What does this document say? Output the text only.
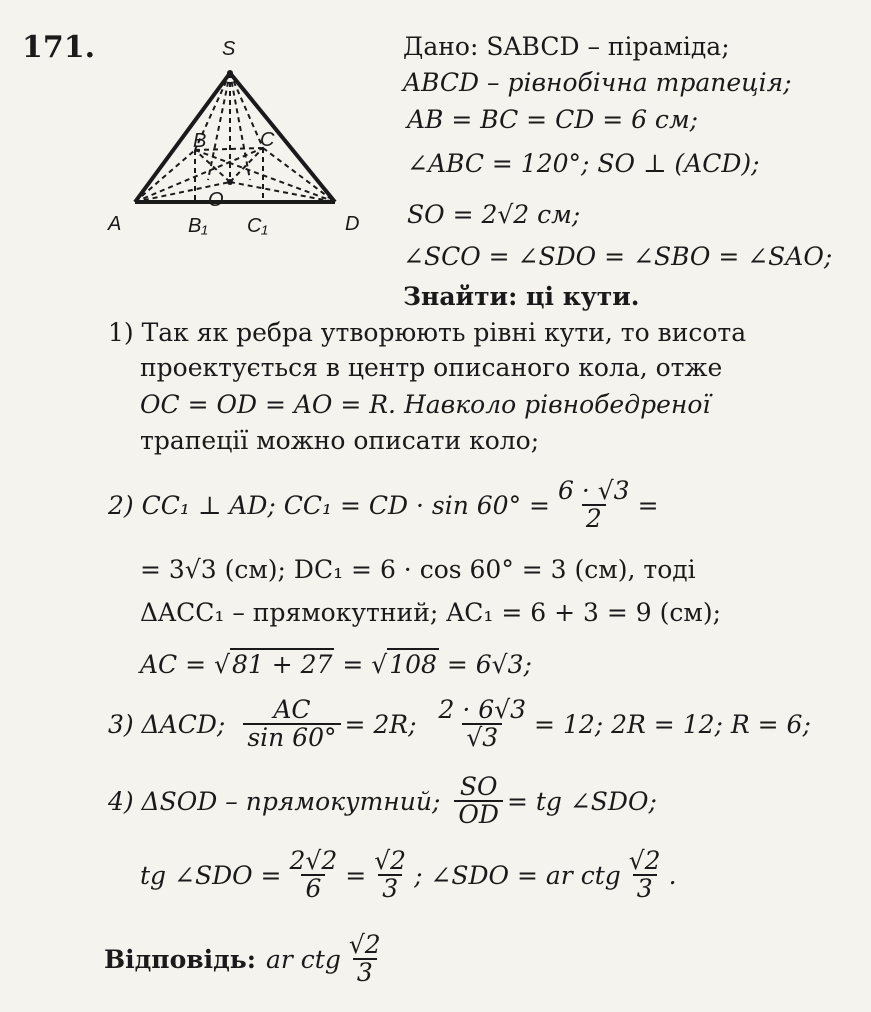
171.	S
A	D
B	C
O
B₁ C₁
Дано: SABCD – піраміда;
ABCD – рівнобічна трапеція;
AB = BC = CD = 6 см;
∠ABC = 120°; SO ⊥ (ACD);
SO = 2√2 см;
∠SCO = ∠SDO = ∠SBO = ∠SAO;
Знайти: ці кути.
1) Так як ребра утворюють рівні кути, то висота
проектується в центр описаного кола, отже
OC = OD = AO = R. Навколо рівнобедреної
трапеції можно описати коло;
2) CC₁ ⊥ AD; CC₁ = CD · $\sin 60^\circ = \frac{6 \cdot √3}{2}$ =
= 3√3 (см); DC₁ = 6 · cos 60° = 3 (см), тоді
ΔACC₁ – прямокутний; AC₁ = 6 + 3 = 9 (см);
AC = √81 + 27 = √108 = 6√3;
3) ΔACD; $\frac{AC}{\sin 60^\circ} = 2R$; $\frac{2 \cdot 6√3}{√3} = 12$; 2R = 12; R = 6;
4) ΔSOD – прямокутний; $\frac{SO}{OD}$ = tg ∠SDO;
tg ∠SDO = $\frac{2√2}{6} = \frac{√2}{3}$ ; ∠SDO = ar ctg $\frac{√2}{3}$ .
Відповідь: ar ctg $\frac{√2}{3}$
